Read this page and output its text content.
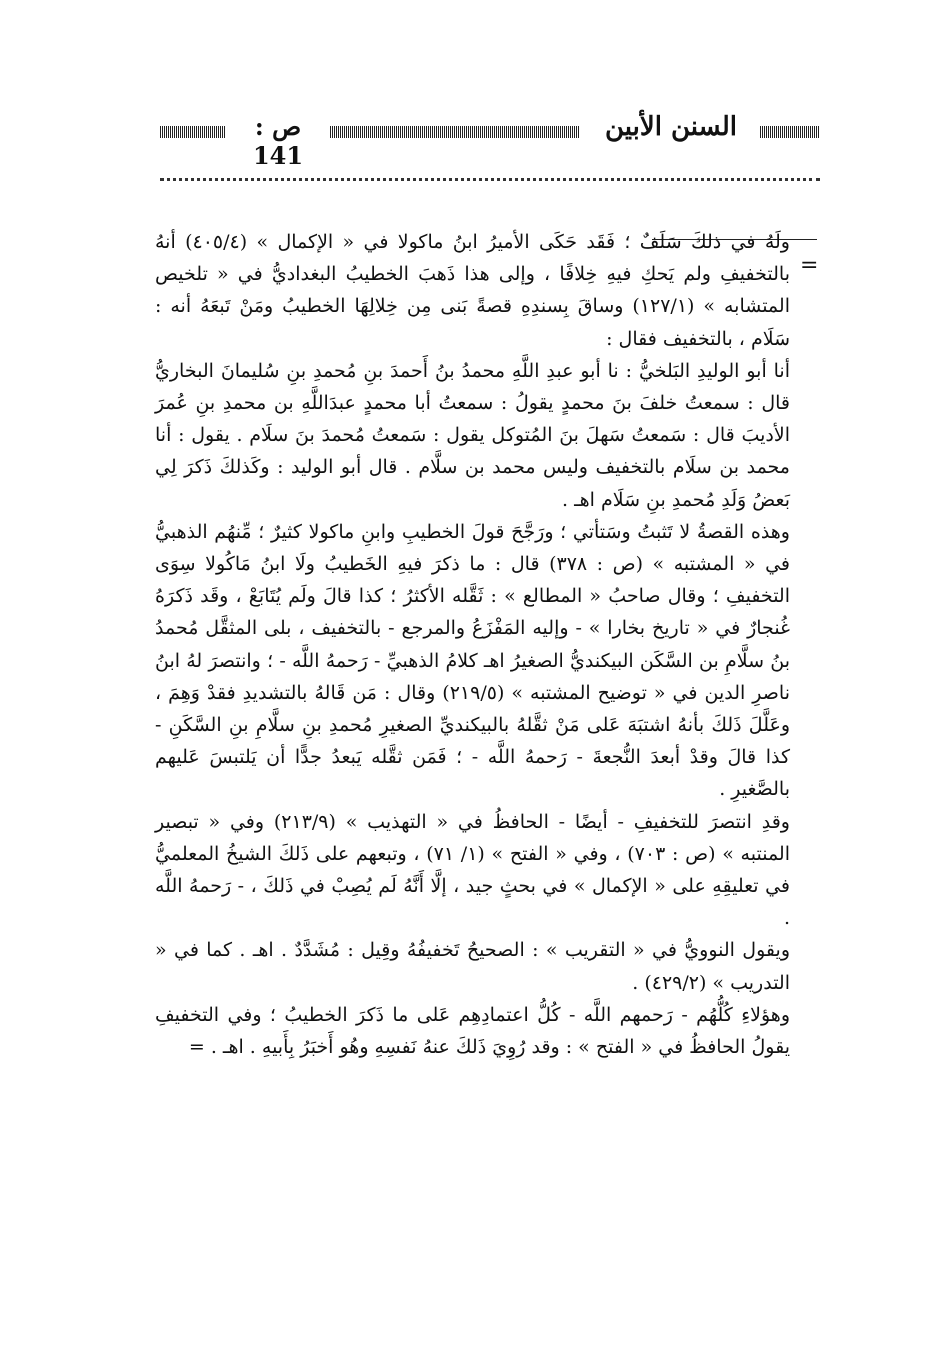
ص : 141
السنن الأبين
=

ولَهُ في ذلكَ سَلَفٌ ؛ فَقَد حَكَى الأميرُ ابنُ ماكولا في « الإكمال » (٤٠٥/٤) أنهُ بالتخفيفِ ولم يَحكِ فيهِ خِلافًا ، وإلى هذا ذَهبَ الخطيبُ البغداديُّ في « تلخيص المتشابه » (١٢٧/١) وساقَ بِسندِهِ قصةً بَنى مِن خِلالِهَا الخطيبُ ومَنْ تَبعَهُ أنه : سَلَام ، بالتخفيف فقال :

أنا أبو الوليدِ البَلخيُّ : نا أبو عبدِ اللَّهِ محمدُ بنُ أَحمدَ بنِ مُحمدِ بنِ سُليمانَ البخاريُّ قال : سمعتُ خلفَ بنَ محمدٍ يقولُ : سمعتُ أبا محمدٍ عبدَاللَّهِ بن محمدِ بنِ عُمرَ الأديبَ قال : سَمعتُ سَهلَ بنَ المُتوكل يقول : سَمعتُ مُحمدَ بنَ سلَام . يقول : أنا محمد بن سلَام بالتخفيف وليس محمد بن سلَّام . قال أبو الوليد : وكَذلكَ ذَكرَ لِي بَعضُ وَلَدِ مُحمدِ بنِ سَلَام اهـ .

وهذه القصةُ لا تَثبتُ وسَتأتي ؛ ورَجَّحَ قولَ الخطيبِ وابنِ ماكولا كثيرٌ ؛ مِّنهُم الذهبيُّ في « المشتبه » (ص : ٣٧٨) قال : ما ذكرَ فيهِ الخَطيبُ ولَا ابنُ مَاكُولا سِوَى التخفيفِ ؛ وقال صاحبُ « المطالع » : ثَقَّله الأكثرُ ؛ كذا قالَ ولَم يُتَابَعْ ، وقَد ذَكرَهُ غُنجارٌ في « تاريخ بخارا » - وإليه المَفْزَعُ والمرجع - بالتخفيف ، بلى المثقَّل مُحمدُ بنُ سلَّامِ بن السَّكَن البيكنديُّ الصغيرُ اهـ كلامُ الذهبيِّ - رَحمهُ اللَّه - ؛ وانتصرَ لهُ ابنُ ناصرِ الدين في « توضيح المشتبه » (٢١٩/٥) وقال : مَن قَالهُ بالتشديدِ فقدْ وَهِمَ ، وعَلَّلَ ذَلكَ بأنهُ اشتبَهَ عَلى مَنْ ثقَّلهُ بالبيكنديِّ الصغيرِ مُحمدِ بنِ سلَّامِ بنِ السَّكَنِ - كذا قالَ وقدْ أبعدَ النُّجعةَ - رَحمهُ اللَّه - ؛ فَمَن ثقَّله يَبعدُ جدًّا أن يَلتبسَ عَليهم بالصَّغيرِ .

وقدِ انتصرَ للتخفيفِ - أيضًا - الحافظُ في « التهذيب » (٢١٣/٩) وفي « تبصير المنتبه » (ص : ٧٠٣) ، وفي « الفتح » (١/ ٧١) ، وتبعهم على ذَلكَ الشيخُ المعلميُّ في تعليقِهِ على « الإكمال » في بحثٍ جيد ، إلَّا أَنَّهُ لَم يُصِبْ في ذَلكَ ، - رَحمهُ اللَّه .

ويقول النوويُّ في « التقريب » : الصحيحُ تَخفيفُهُ وقِيل : مُشَدَّدٌ . اهـ . كما في « التدريب » (٤٢٩/٢) .

وهؤلاءِ كُلُّهُم - رَحمهم اللَّه - كُلُّ اعتمادِهِم عَلى ما ذَكرَ الخطيبُ ؛ وفي التخفيفِ يقولُ الحافظُ في « الفتح » : وقد رُوِيَ ذَلكَ عنهُ نَفسِهِ وهُو أَخبَرُ بِأَبيهِ . اهـ . =
